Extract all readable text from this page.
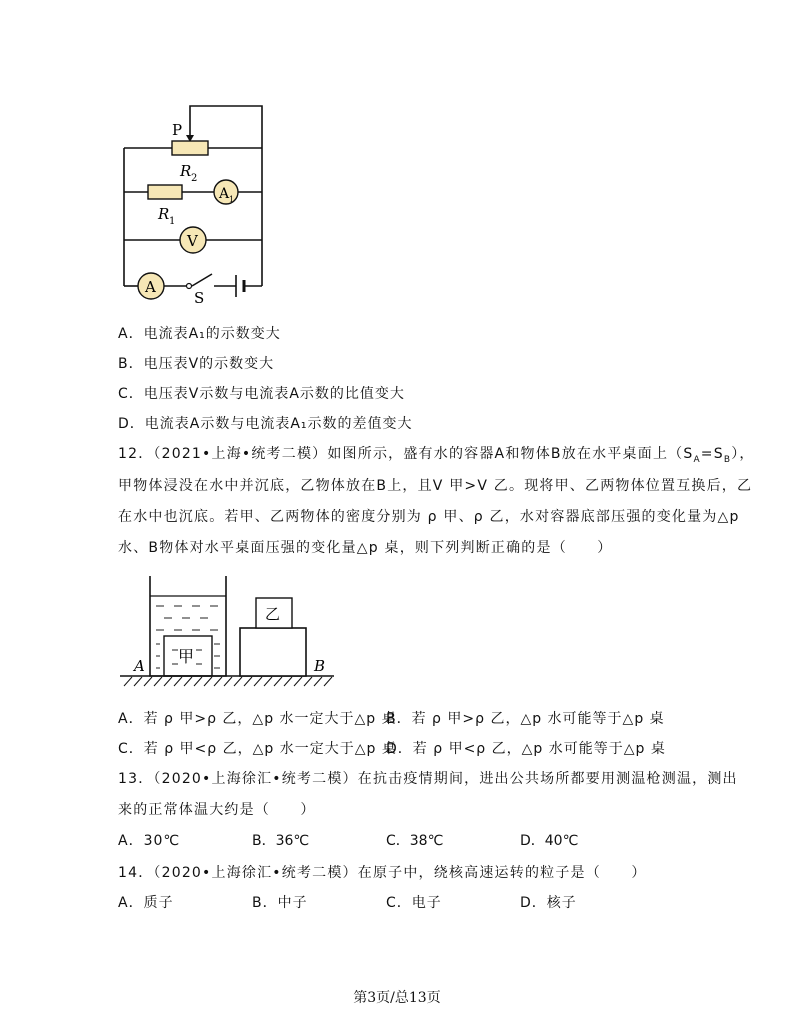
P
R 2
R 1
A 1
V
A
S
A．电流表A₁的示数变大
B．电压表V的示数变大
C．电压表V示数与电流表A示数的比值变大
D．电流表A示数与电流表A₁示数的差值变大
12．（2021•上海•统考二模）如图所示，盛有水的容器A和物体B放在水平桌面上$(S_A=S_B)$，
甲物体浸没在水中并沉底，乙物体放在B上，且V 甲>V 乙。现将甲、乙两物体位置互换后，乙
在水中也沉底。若甲、乙两物体的密度分别为 ρ 甲、ρ 乙，水对容器底部压强的变化量为△p
水、B物体对水平桌面压强的变化量△p 桌，则下列判断正确的是（　　）
甲
乙
A	B
A．若 ρ 甲>ρ 乙，△p 水一定大于△p 桌
B．若 ρ 甲>ρ 乙，△p 水可能等于△p 桌
C．若 ρ 甲<ρ 乙，△p 水一定大于△p 桌
D．若 ρ 甲<ρ 乙，△p 水可能等于△p 桌
13．（2020•上海徐汇•统考二模）在抗击疫情期间，进出公共场所都要用测温枪测温，测出
来的正常体温大约是（　　）
A．30℃	B．36℃	C．38℃	D．40℃
14．（2020•上海徐汇•统考二模）在原子中，绕核高速运转的粒子是（　　）
A．质子	B．中子	C．电子	D．核子
第3页/总13页
